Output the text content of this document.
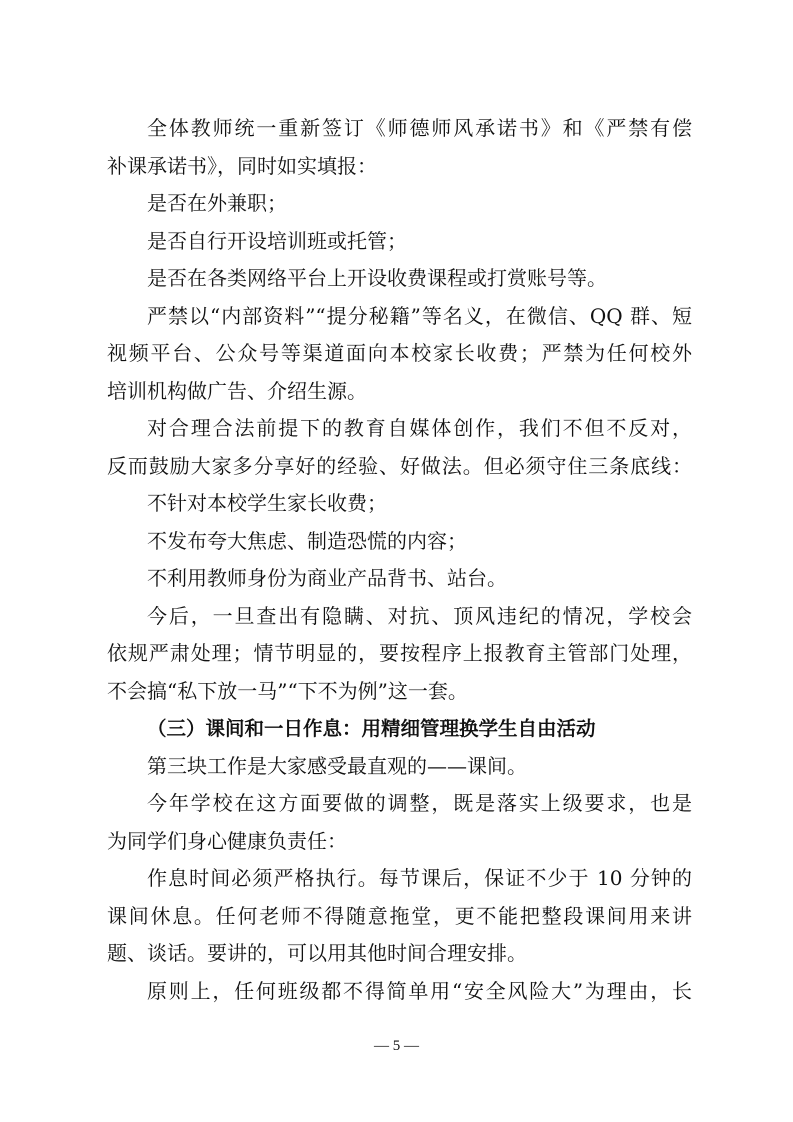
全体教师统一重新签订《师德师风承诺书》和《严禁有偿
补课承诺书》，同时如实填报：
是否在外兼职；
是否自行开设培训班或托管；
是否在各类网络平台上开设收费课程或打赏账号等。
严禁以“内部资料”“提分秘籍”等名义，在微信、QQ 群、短
视频平台、公众号等渠道面向本校家长收费；严禁为任何校外
培训机构做广告、介绍生源。
对合理合法前提下的教育自媒体创作，我们不但不反对，
反而鼓励大家多分享好的经验、好做法。但必须守住三条底线：
不针对本校学生家长收费；
不发布夸大焦虑、制造恐慌的内容；
不利用教师身份为商业产品背书、站台。
今后，一旦查出有隐瞒、对抗、顶风违纪的情况，学校会
依规严肃处理；情节明显的，要按程序上报教育主管部门处理，
不会搞“私下放一马”“下不为例”这一套。
（三）课间和一日作息：用精细管理换学生自由活动
第三块工作是大家感受最直观的——课间。
今年学校在这方面要做的调整，既是落实上级要求，也是
为同学们身心健康负责任：
作息时间必须严格执行。每节课后，保证不少于 10 分钟的
课间休息。任何老师不得随意拖堂，更不能把整段课间用来讲
题、谈话。要讲的，可以用其他时间合理安排。
原则上，任何班级都不得简单用“安全风险大”为理由，长
— 5 —
